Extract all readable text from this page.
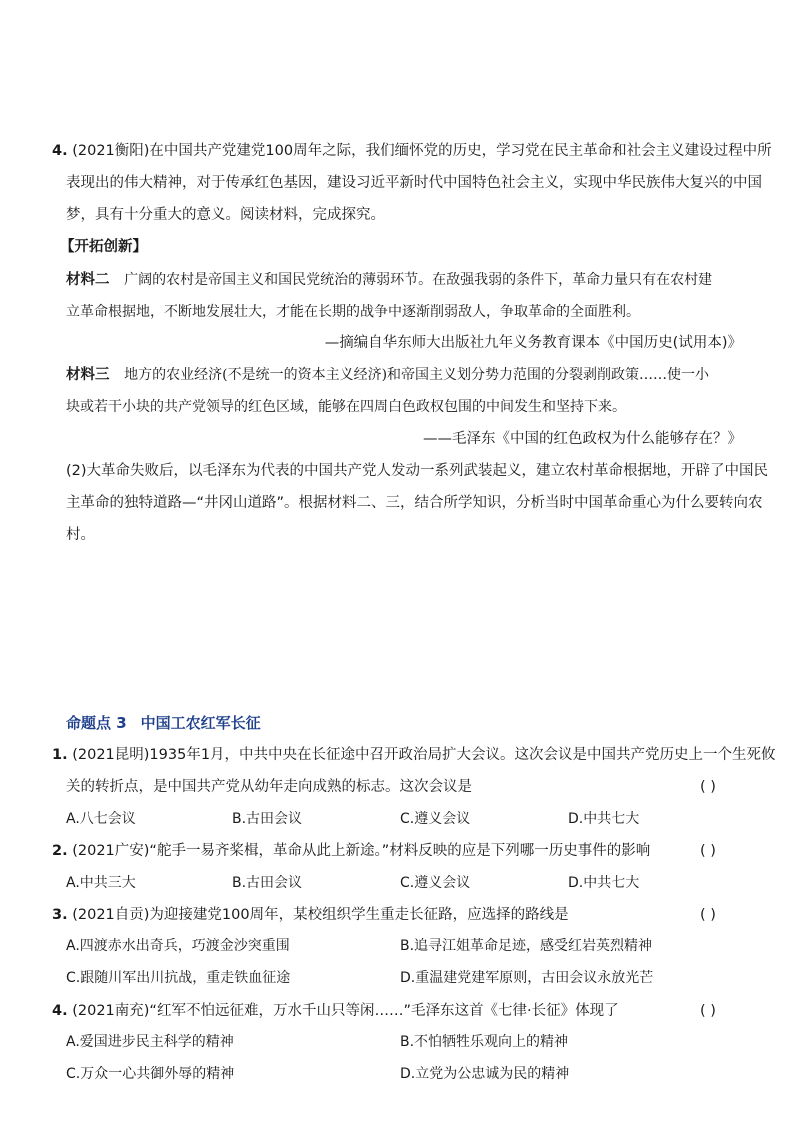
4. (2021衡阳)在中国共产党建党100周年之际，我们缅怀党的历史，学习党在民主革命和社会主义建设过程中所
表现出的伟大精神，对于传承红色基因，建设习近平新时代中国特色社会主义，实现中华民族伟大复兴的中国
梦，具有十分重大的意义。阅读材料，完成探究。
【开拓创新】
材料二 广阔的农村是帝国主义和国民党统治的薄弱环节。在敌强我弱的条件下，革命力量只有在农村建
立革命根据地，不断地发展壮大，才能在长期的战争中逐渐削弱敌人，争取革命的全面胜利。
—摘编自华东师大出版社九年义务教育课本《中国历史(试用本)》
材料三 地方的农业经济(不是统一的资本主义经济)和帝国主义划分势力范围的分裂剥削政策……使一小
块或若干小块的共产党领导的红色区域，能够在四周白色政权包围的中间发生和坚持下来。
——毛泽东《中国的红色政权为什么能够存在？》
(2)大革命失败后，以毛泽东为代表的中国共产党人发动一系列武装起义，建立农村革命根据地，开辟了中国民
主革命的独特道路—“井冈山道路”。根据材料二、三，结合所学知识，分析当时中国革命重心为什么要转向农
村。
命题点 3 中国工农红军长征
1. (2021昆明)1935年1月，中共中央在长征途中召开政治局扩大会议。这次会议是中国共产党历史上一个生死攸
关的转折点，是中国共产党从幼年走向成熟的标志。这次会议是	( )
A.八七会议	B.古田会议	C.遵义会议	D.中共七大
2. (2021广安)“舵手一易齐桨楫，革命从此上新途。”材料反映的应是下列哪一历史事件的影响	( )
A.中共三大	B.古田会议	C.遵义会议	D.中共七大
3. (2021自贡)为迎接建党100周年，某校组织学生重走长征路，应选择的路线是	( )
A.四渡赤水出奇兵，巧渡金沙突重围	B.追寻江姐革命足迹，感受红岩英烈精神
C.跟随川军出川抗战，重走铁血征途	D.重温建党建军原则，古田会议永放光芒
4. (2021南充)“红军不怕远征难，万水千山只等闲……”毛泽东这首《七律·长征》体现了	( )
A.爱国进步民主科学的精神	B.不怕牺牲乐观向上的精神
C.万众一心共御外辱的精神	D.立党为公忠诚为民的精神
